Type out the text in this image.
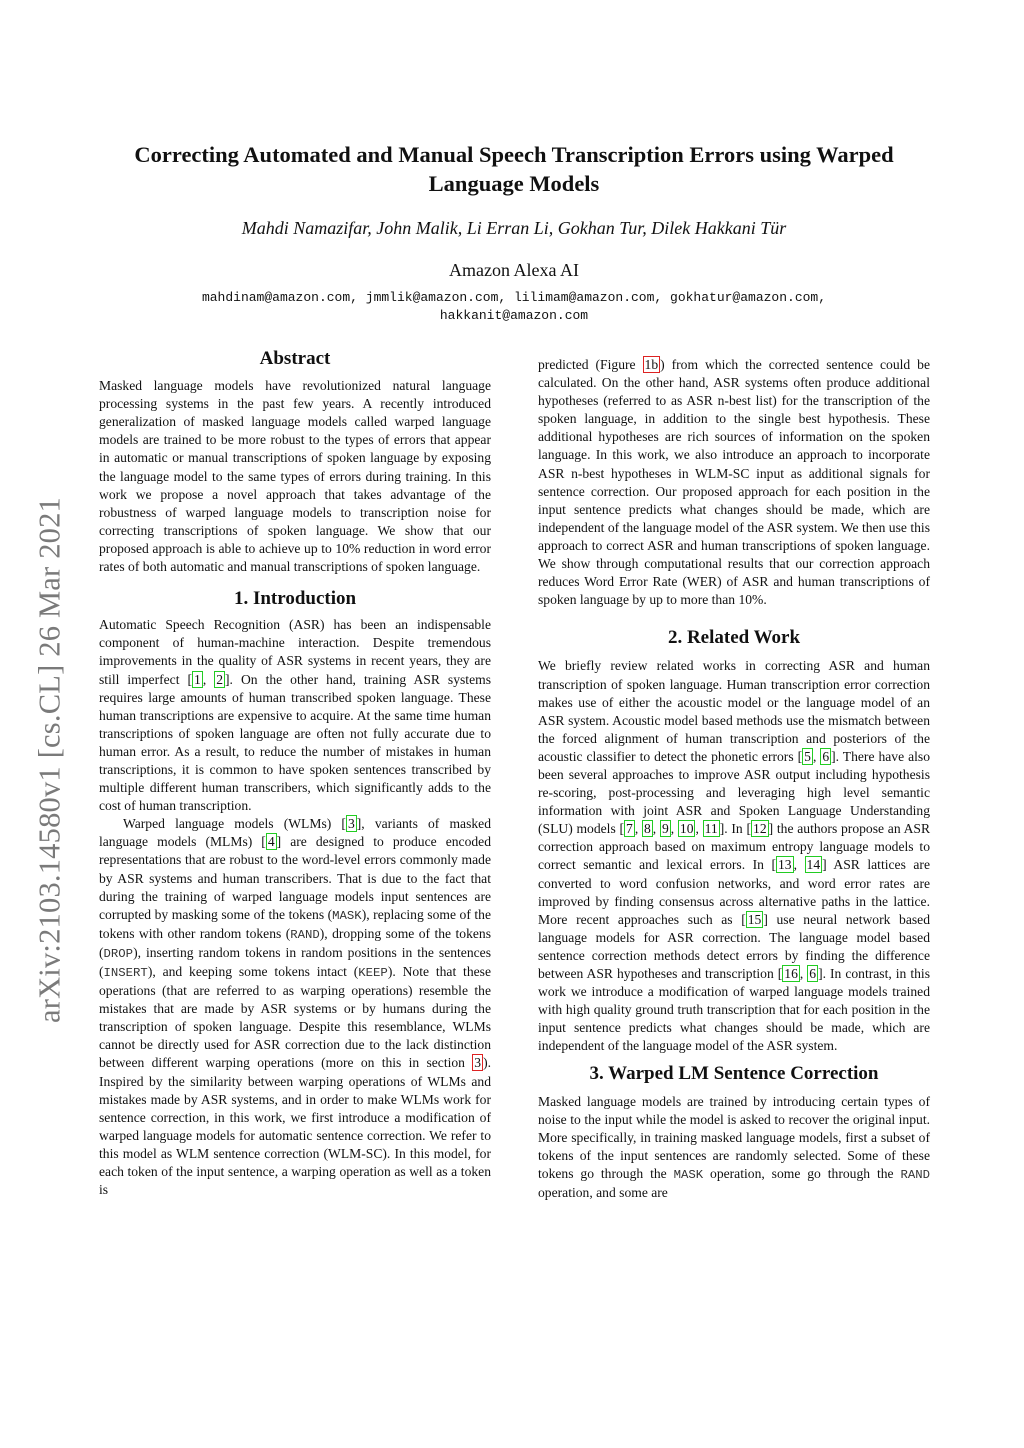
arXiv:2103.14580v1 [cs.CL] 26 Mar 2021
Correcting Automated and Manual Speech Transcription Errors using Warped Language Models
Mahdi Namazifar, John Malik, Li Erran Li, Gokhan Tur, Dilek Hakkani Tür
Amazon Alexa AI
mahdinam@amazon.com, jmmlik@amazon.com, lilimam@amazon.com, gokhatur@amazon.com,
hakkanit@amazon.com
Abstract

Masked language models have revolutionized natural language processing systems in the past few years. A recently introduced generalization of masked language models called warped language models are trained to be more robust to the types of errors that appear in automatic or manual transcriptions of spoken language by exposing the language model to the same types of errors during training. In this work we propose a novel approach that takes advantage of the robustness of warped language models to transcription noise for correcting transcriptions of spoken language. We show that our proposed approach is able to achieve up to 10% reduction in word error rates of both automatic and manual transcriptions of spoken language.

1. Introduction

Automatic Speech Recognition (ASR) has been an indispensable component of human-machine interaction. Despite tremendous improvements in the quality of ASR systems in recent years, they are still imperfect [ 1 , 2 ]. On the other hand, training ASR systems requires large amounts of human transcribed spoken language. These human transcriptions are expensive to acquire. At the same time human transcriptions of spoken language are often not fully accurate due to human error. As a result, to reduce the number of mistakes in human transcriptions, it is common to have spoken sentences transcribed by multiple different human transcribers, which significantly adds to the cost of human transcription.

Warped language models (WLMs) [ 3 ], variants of masked language models (MLMs) [ 4 ] are designed to produce encoded representations that are robust to the word-level errors commonly made by ASR systems and human transcribers. That is due to the fact that during the training of warped language models input sentences are corrupted by masking some of the tokens (MASK), replacing some of the tokens with other random tokens (RAND), dropping some of the tokens (DROP), inserting random tokens in random positions in the sentences (INSERT), and keeping some tokens intact (KEEP). Note that these operations (that are referred to as warping operations) resemble the mistakes that are made by ASR systems or by humans during the transcription of spoken language. Despite this resemblance, WLMs cannot be directly used for ASR correction due to the lack distinction between different warping operations (more on this in section 3 ). Inspired by the similarity between warping operations of WLMs and mistakes made by ASR systems, and in order to make WLMs work for sentence correction, in this work, we first introduce a modification of warped language models for automatic sentence correction. We refer to this model as WLM sentence correction (WLM-SC). In this model, for each token of the input sentence, a warping operation as well as a token is

predicted (Figure 1b ) from which the corrected sentence could be calculated. On the other hand, ASR systems often produce additional hypotheses (referred to as ASR n-best list) for the transcription of the spoken language, in addition to the single best hypothesis. These additional hypotheses are rich sources of information on the spoken language. In this work, we also introduce an approach to incorporate ASR n-best hypotheses in WLM-SC input as additional signals for sentence correction. Our proposed approach for each position in the input sentence predicts what changes should be made, which are independent of the language model of the ASR system. We then use this approach to correct ASR and human transcriptions of spoken language. We show through computational results that our correction approach reduces Word Error Rate (WER) of ASR and human transcriptions of spoken language by up to more than 10%.

2. Related Work

We briefly review related works in correcting ASR and human transcription of spoken language. Human transcription error correction makes use of either the acoustic model or the language model of an ASR system. Acoustic model based methods use the mismatch between the forced alignment of human transcription and posteriors of the acoustic classifier to detect the phonetic errors [ 5 , 6 ]. There have also been several approaches to improve ASR output including hypothesis re-scoring, post-processing and leveraging high level semantic information with joint ASR and Spoken Language Understanding (SLU) models [ 7 , 8 , 9 , 10 , 11 ]. In [ 12 ] the authors propose an ASR correction approach based on maximum entropy language models to correct semantic and lexical errors. In [ 13 , 14 ] ASR lattices are converted to word confusion networks, and word error rates are improved by finding consensus across alternative paths in the lattice. More recent approaches such as [ 15 ] use neural network based language models for ASR correction. The language model based sentence correction methods detect errors by finding the difference between ASR hypotheses and transcription [ 16 , 6 ]. In contrast, in this work we introduce a modification of warped language models trained with high quality ground truth transcription that for each position in the input sentence predicts what changes should be made, which are independent of the language model of the ASR system.

3. Warped LM Sentence Correction

Masked language models are trained by introducing certain types of noise to the input while the model is asked to recover the original input. More specifically, in training masked language models, first a subset of tokens of the input sentences are randomly selected. Some of these tokens go through the MASK operation, some go through the RAND operation, and some are
